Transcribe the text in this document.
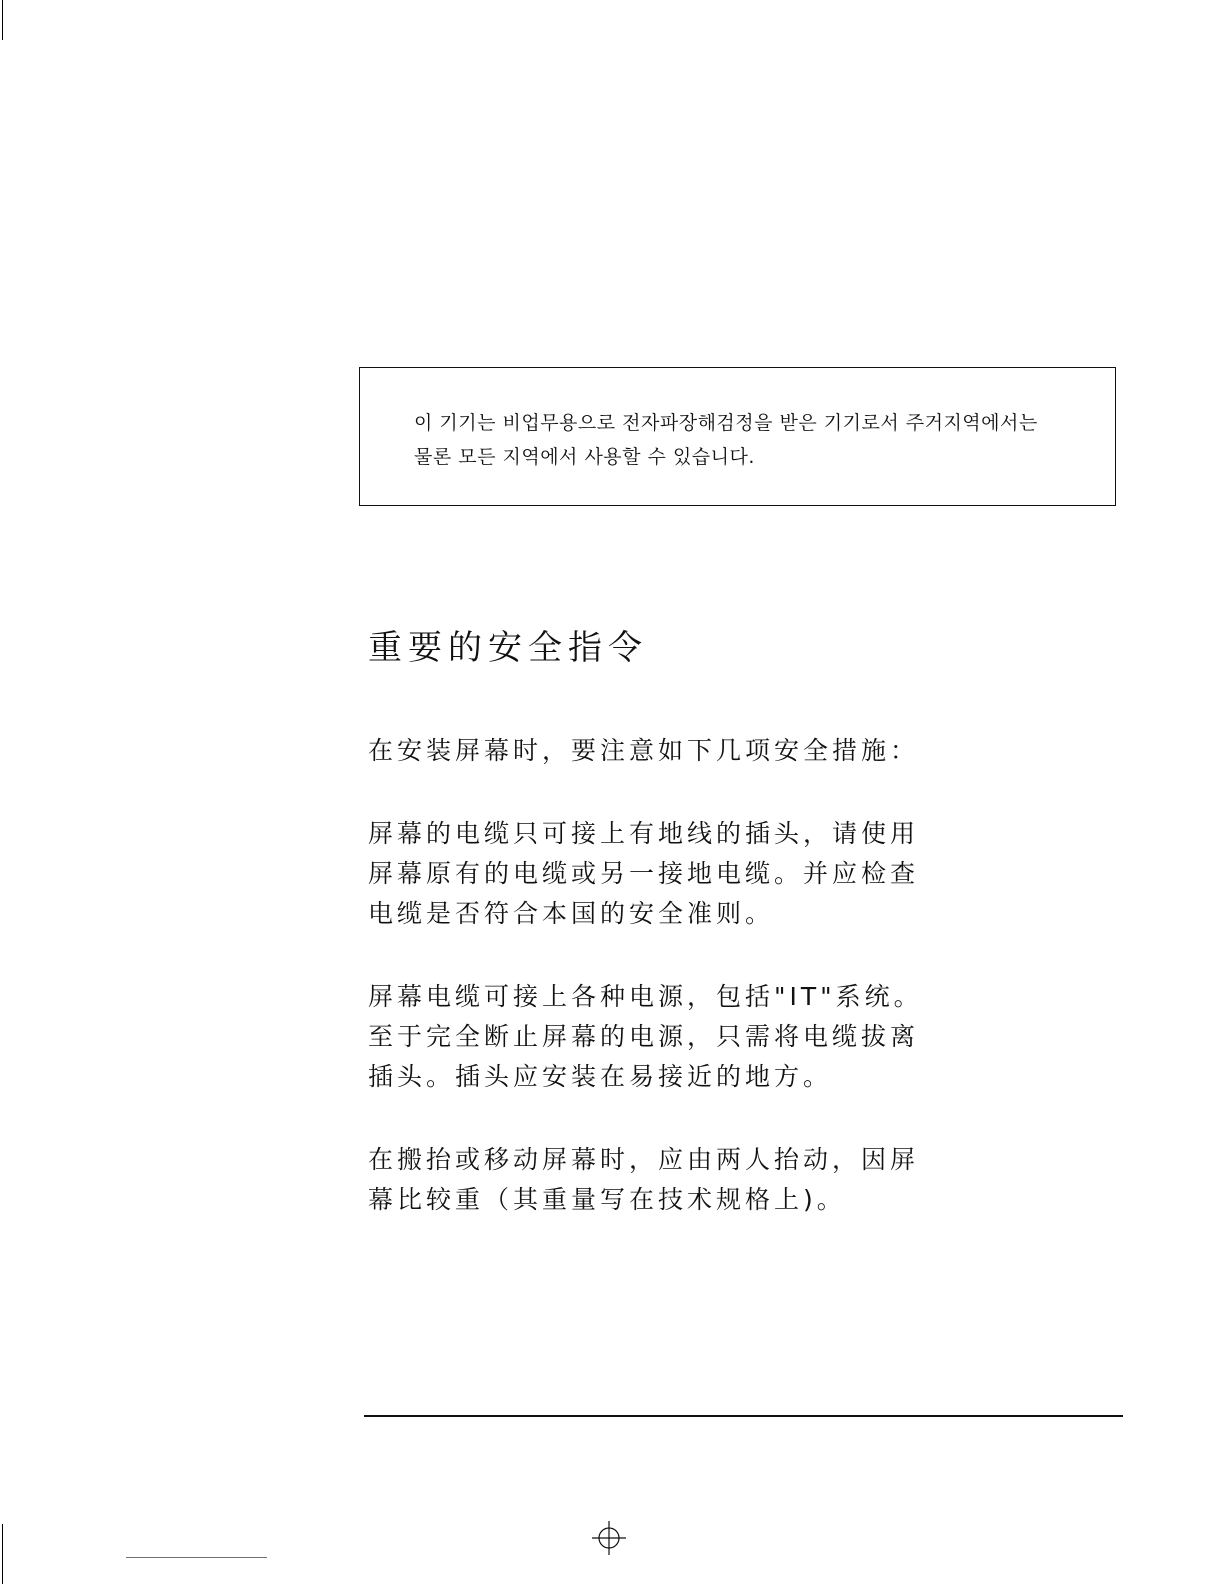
이 기기는 비업무용으로 전자파장해검정을 받은 기기로서 주거지역에서는
물론 모든 지역에서 사용할 수 있습니다.
重要的安全指令

在安装屏幕时，要注意如下几项安全措施：

屏幕的电缆只可接上有地线的插头，请使用
屏幕原有的电缆或另一接地电缆。并应检查
电缆是否符合本国的安全准则。

屏幕电缆可接上各种电源，包括"IT"系统。
至于完全断止屏幕的电源，只需将电缆拔离
插头。插头应安装在易接近的地方。

在搬抬或移动屏幕时，应由两人抬动，因屏
幕比较重（其重量写在技术规格上)。
